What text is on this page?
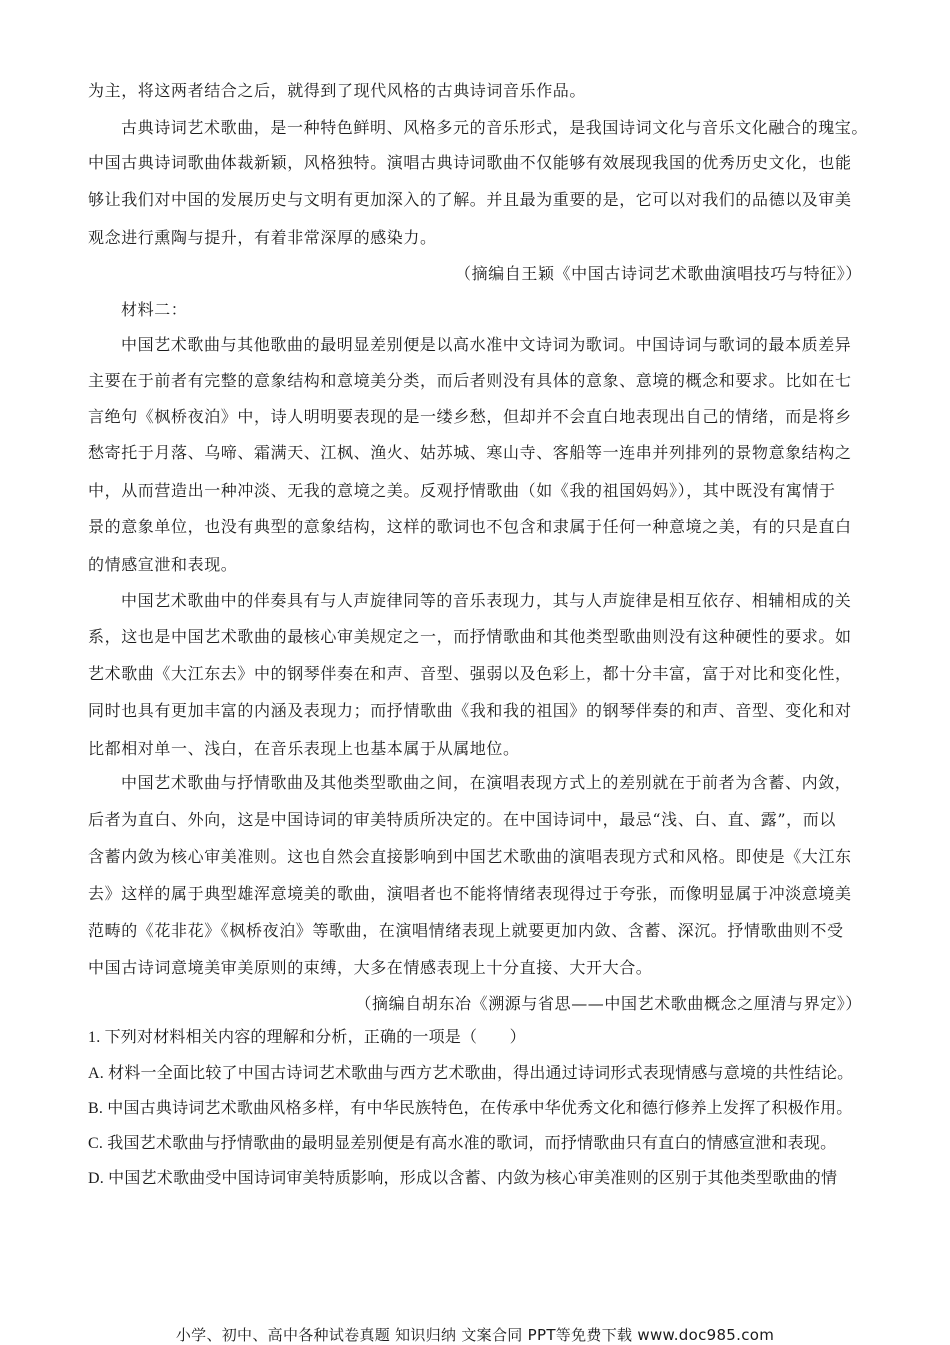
为主，将这两者结合之后，就得到了现代风格的古典诗词音乐作品。
古典诗词艺术歌曲，是一种特色鲜明、风格多元的音乐形式，是我国诗词文化与音乐文化融合的瑰宝。
中国古典诗词歌曲体裁新颖，风格独特。演唱古典诗词歌曲不仅能够有效展现我国的优秀历史文化，也能
够让我们对中国的发展历史与文明有更加深入的了解。并且最为重要的是，它可以对我们的品德以及审美
观念进行熏陶与提升，有着非常深厚的感染力。
（摘编自王颖《中国古诗词艺术歌曲演唱技巧与特征》）
材料二：
中国艺术歌曲与其他歌曲的最明显差别便是以高水准中文诗词为歌词。中国诗词与歌词的最本质差异
主要在于前者有完整的意象结构和意境美分类，而后者则没有具体的意象、意境的概念和要求。比如在七
言绝句《枫桥夜泊》中，诗人明明要表现的是一缕乡愁，但却并不会直白地表现出自己的情绪，而是将乡
愁寄托于月落、乌啼、霜满天、江枫、渔火、姑苏城、寒山寺、客船等一连串并列排列的景物意象结构之
中，从而营造出一种冲淡、无我的意境之美。反观抒情歌曲（如《我的祖国妈妈》），其中既没有寓情于
景的意象单位，也没有典型的意象结构，这样的歌词也不包含和隶属于任何一种意境之美，有的只是直白
的情感宣泄和表现。
中国艺术歌曲中的伴奏具有与人声旋律同等的音乐表现力，其与人声旋律是相互依存、相辅相成的关
系，这也是中国艺术歌曲的最核心审美规定之一，而抒情歌曲和其他类型歌曲则没有这种硬性的要求。如
艺术歌曲《大江东去》中的钢琴伴奏在和声、音型、强弱以及色彩上，都十分丰富，富于对比和变化性，
同时也具有更加丰富的内涵及表现力；而抒情歌曲《我和我的祖国》的钢琴伴奏的和声、音型、变化和对
比都相对单一、浅白，在音乐表现上也基本属于从属地位。
中国艺术歌曲与抒情歌曲及其他类型歌曲之间，在演唱表现方式上的差别就在于前者为含蓄、内敛，
后者为直白、外向，这是中国诗词的审美特质所决定的。在中国诗词中，最忌“浅、白、直、露”，而以
含蓄内敛为核心审美准则。这也自然会直接影响到中国艺术歌曲的演唱表现方式和风格。即使是《大江东
去》这样的属于典型雄浑意境美的歌曲，演唱者也不能将情绪表现得过于夸张，而像明显属于冲淡意境美
范畴的《花非花》《枫桥夜泊》等歌曲，在演唱情绪表现上就要更加内敛、含蓄、深沉。抒情歌曲则不受
中国古诗词意境美审美原则的束缚，大多在情感表现上十分直接、大开大合。
（摘编自胡东冶《溯源与省思——中国艺术歌曲概念之厘清与界定》）
1. 下列对材料相关内容的理解和分析，正确的一项是（　　）
A. 材料一全面比较了中国古诗词艺术歌曲与西方艺术歌曲，得出通过诗词形式表现情感与意境的共性结论。
B. 中国古典诗词艺术歌曲风格多样，有中华民族特色，在传承中华优秀文化和德行修养上发挥了积极作用。
C. 我国艺术歌曲与抒情歌曲的最明显差别便是有高水准的歌词，而抒情歌曲只有直白的情感宣泄和表现。
D. 中国艺术歌曲受中国诗词审美特质影响，形成以含蓄、内敛为核心审美准则的区别于其他类型歌曲的情
小学、初中、高中各种试卷真题 知识归纳 文案合同 PPT等免费下载 www.doc985.com
